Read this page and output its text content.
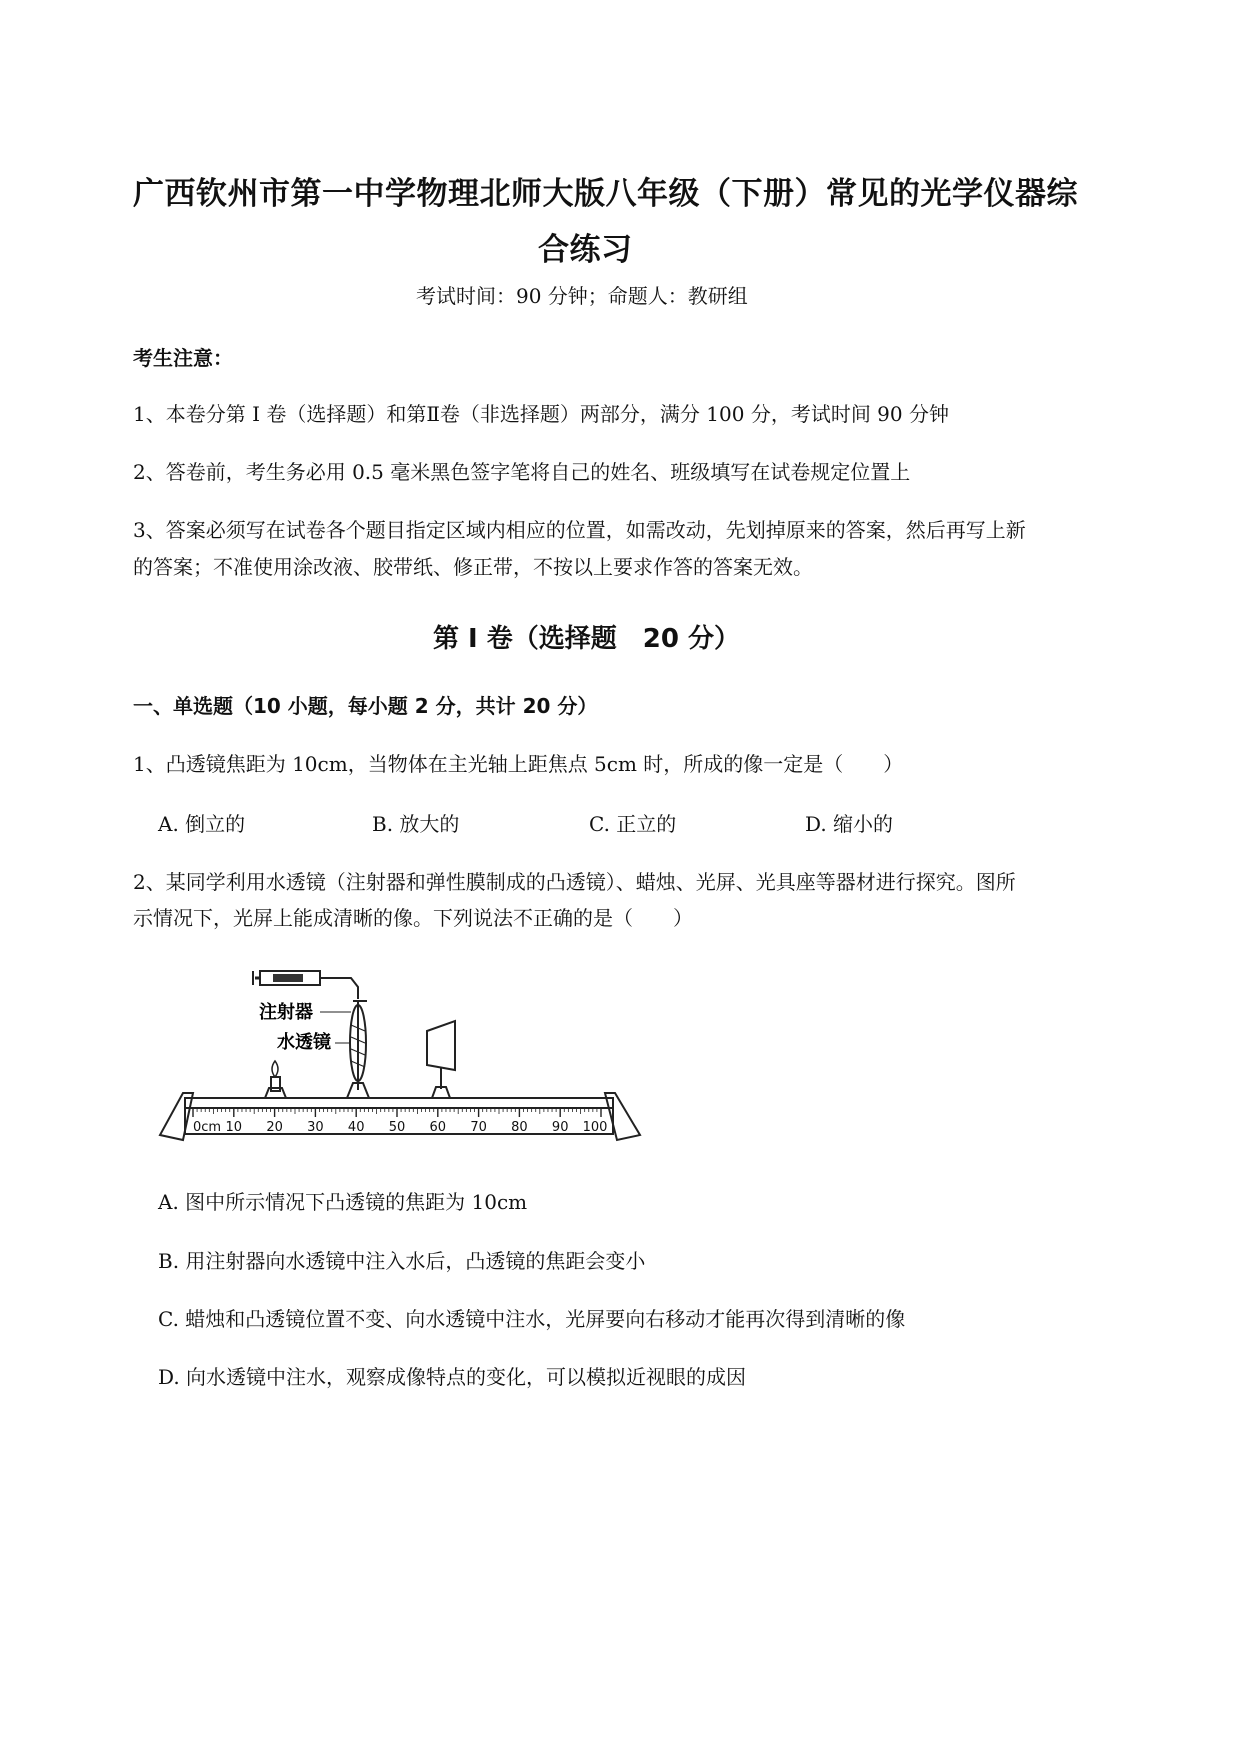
广西钦州市第一中学物理北师大版八年级（下册）常见的光学仪器综
合练习
考试时间：90 分钟；命题人：教研组
考生注意：
1、本卷分第 I 卷（选择题）和第Ⅱ卷（非选择题）两部分，满分 100 分，考试时间 90 分钟
2、答卷前，考生务必用 0.5 毫米黑色签字笔将自己的姓名、班级填写在试卷规定位置上
3、答案必须写在试卷各个题目指定区域内相应的位置，如需改动，先划掉原来的答案，然后再写上新
的答案；不准使用涂改液、胶带纸、修正带，不按以上要求作答的答案无效。
第 I 卷（选择题　20 分）
一、单选题（10 小题，每小题 2 分，共计 20 分）
1、凸透镜焦距为 10cm，当物体在主光轴上距焦点 5cm 时，所成的像一定是（　　）
A. 倒立的	B. 放大的	C. 正立的	D. 缩小的
2、某同学利用水透镜（注射器和弹性膜制成的凸透镜）、蜡烛、光屏、光具座等器材进行探究。图所
示情况下，光屏上能成清晰的像。下列说法不正确的是（　　）
注射器
水透镜
0cm 10 20 30 40 50 60 70 80 90 100
A. 图中所示情况下凸透镜的焦距为 10cm
B. 用注射器向水透镜中注入水后，凸透镜的焦距会变小
C. 蜡烛和凸透镜位置不变、向水透镜中注水，光屏要向右移动才能再次得到清晰的像
D. 向水透镜中注水，观察成像特点的变化，可以模拟近视眼的成因
